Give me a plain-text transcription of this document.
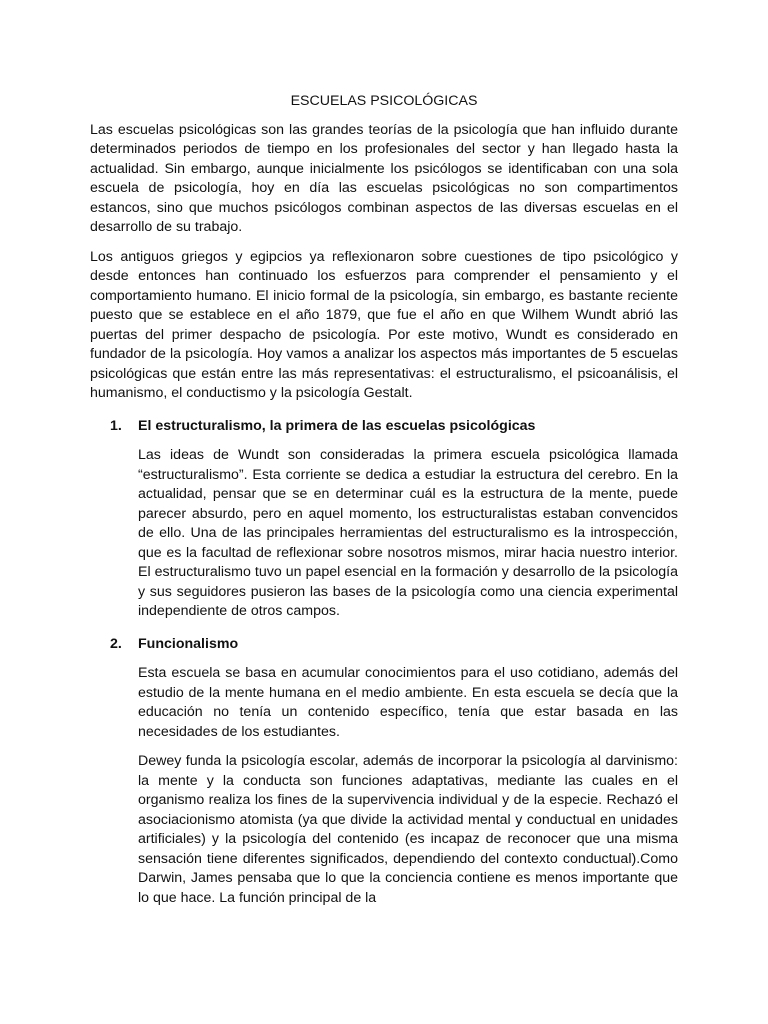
ESCUELAS PSICOLÓGICAS

Las escuelas psicológicas son las grandes teorías de la psicología que han influido durante determinados periodos de tiempo en los profesionales del sector y han llegado hasta la actualidad. Sin embargo, aunque inicialmente los psicólogos se identificaban con una sola escuela de psicología, hoy en día las escuelas psicológicas no son compartimentos estancos, sino que muchos psicólogos combinan aspectos de las diversas escuelas en el desarrollo de su trabajo.

Los antiguos griegos y egipcios ya reflexionaron sobre cuestiones de tipo psicológico y desde entonces han continuado los esfuerzos para comprender el pensamiento y el comportamiento humano. El inicio formal de la psicología, sin embargo, es bastante reciente puesto que se establece en el año 1879, que fue el año en que Wilhem Wundt abrió las puertas del primer despacho de psicología. Por este motivo, Wundt es considerado en fundador de la psicología. Hoy vamos a analizar los aspectos más importantes de 5 escuelas psicológicas que están entre las más representativas: el estructuralismo, el psicoanálisis, el humanismo, el conductismo y la psicología Gestalt.

1.	El estructuralismo, la primera de las escuelas psicológicas

Las ideas de Wundt son consideradas la primera escuela psicológica llamada “estructuralismo”. Esta corriente se dedica a estudiar la estructura del cerebro. En la actualidad, pensar que se en determinar cuál es la estructura de la mente, puede parecer absurdo, pero en aquel momento, los estructuralistas estaban convencidos de ello. Una de las principales herramientas del estructuralismo es la introspección, que es la facultad de reflexionar sobre nosotros mismos, mirar hacia nuestro interior. El estructuralismo tuvo un papel esencial en la formación y desarrollo de la psicología y sus seguidores pusieron las bases de la psicología como una ciencia experimental independiente de otros campos.

2.	Funcionalismo

Esta escuela se basa en acumular conocimientos para el uso cotidiano, además del estudio de la mente humana en el medio ambiente. En esta escuela se decía que la educación no tenía un contenido específico, tenía que estar basada en las necesidades de los estudiantes.

Dewey funda la psicología escolar, además de incorporar la psicología al darvinismo: la mente y la conducta son funciones adaptativas, mediante las cuales en el organismo realiza los fines de la supervivencia individual y de la especie. Rechazó el asociacionismo atomista (ya que divide la actividad mental y conductual en unidades artificiales) y la psicología del contenido (es incapaz de reconocer que una misma sensación tiene diferentes significados, dependiendo del contexto conductual).Como Darwin, James pensaba que lo que la conciencia contiene es menos importante que lo que hace. La función principal de la
